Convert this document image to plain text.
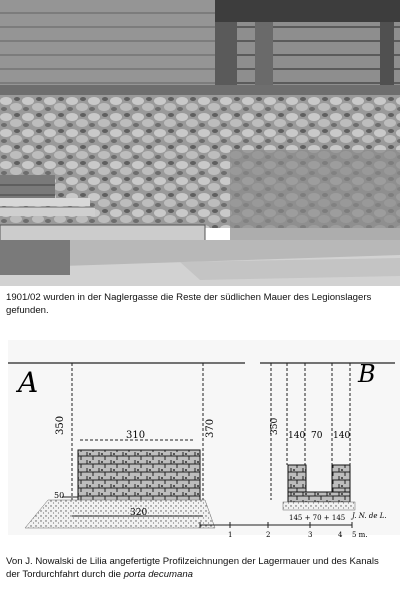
1901/02 wurden in der Naglergasse die Reste der südlichen Mauer des Legionslagers gefunden.
A
350
310	370
50
320
B
350
140 70 140
145 + 70 + 145 J. N. de L.
1	2	3	4 5 m.
Von J. Nowalski de Lilia angefertigte Profilzeichnungen der Lagermauer und des Kanals der Tordurchfahrt durch die porta decumana
